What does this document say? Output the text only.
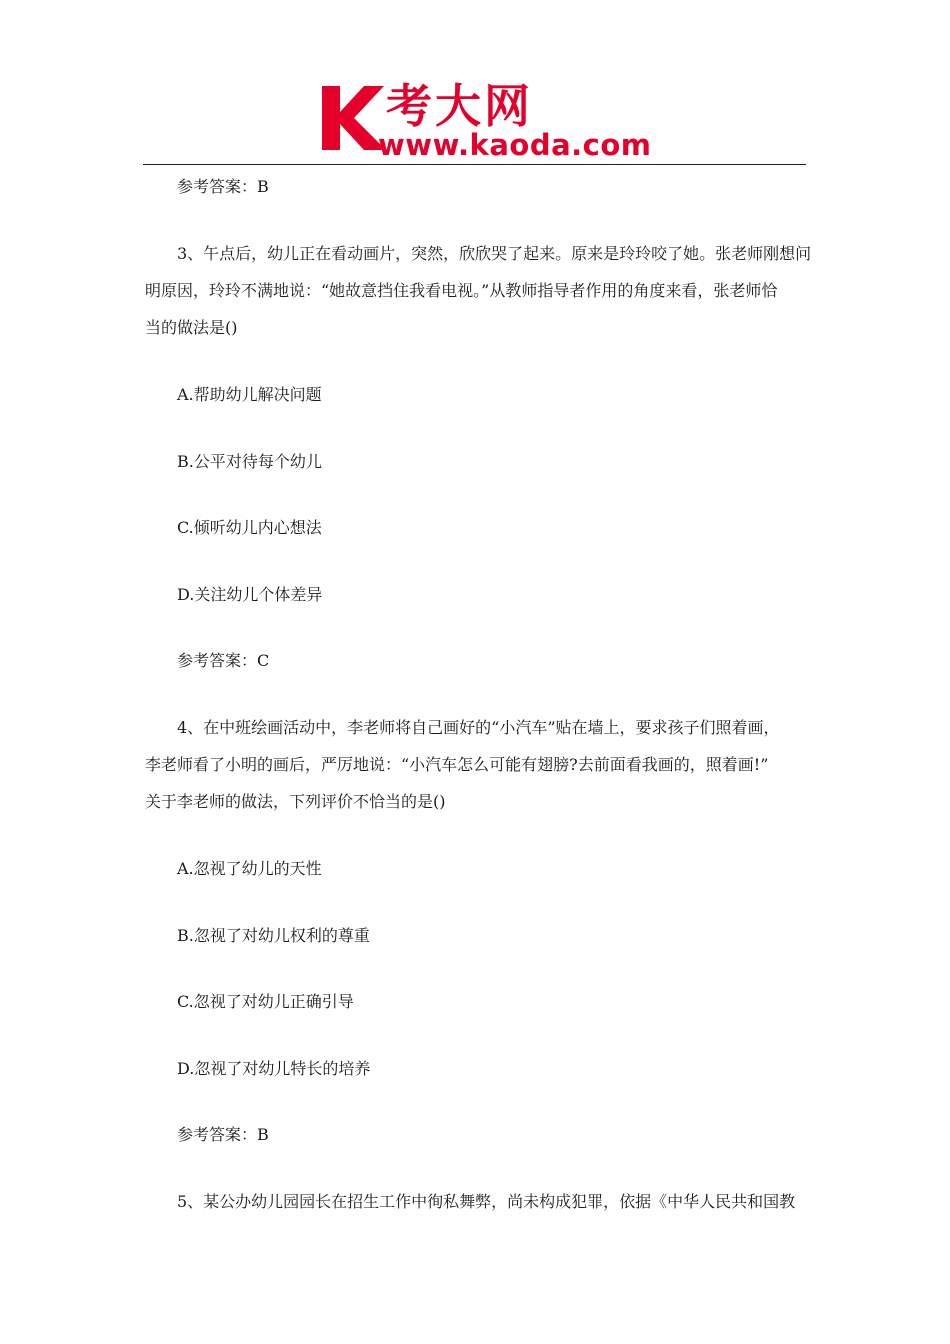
考大网
www.kaoda.com
参考答案：B
3、午点后，幼儿正在看动画片，突然，欣欣哭了起来。原来是玲玲咬了她。张老师刚想问
明原因，玲玲不满地说：“她故意挡住我看电视。”从教师指导者作用的角度来看，张老师恰
当的做法是()
A.帮助幼儿解决问题
B.公平对待每个幼儿
C.倾听幼儿内心想法
D.关注幼儿个体差异
参考答案：C
4、在中班绘画活动中，李老师将自己画好的“小汽车”贴在墙上，要求孩子们照着画，
李老师看了小明的画后，严厉地说：“小汽车怎么可能有翅膀?去前面看我画的，照着画!”
关于李老师的做法，下列评价不恰当的是()
A.忽视了幼儿的天性
B.忽视了对幼儿权利的尊重
C.忽视了对幼儿正确引导
D.忽视了对幼儿特长的培养
参考答案：B
5、某公办幼儿园园长在招生工作中徇私舞弊，尚未构成犯罪，依据《中华人民共和国教
